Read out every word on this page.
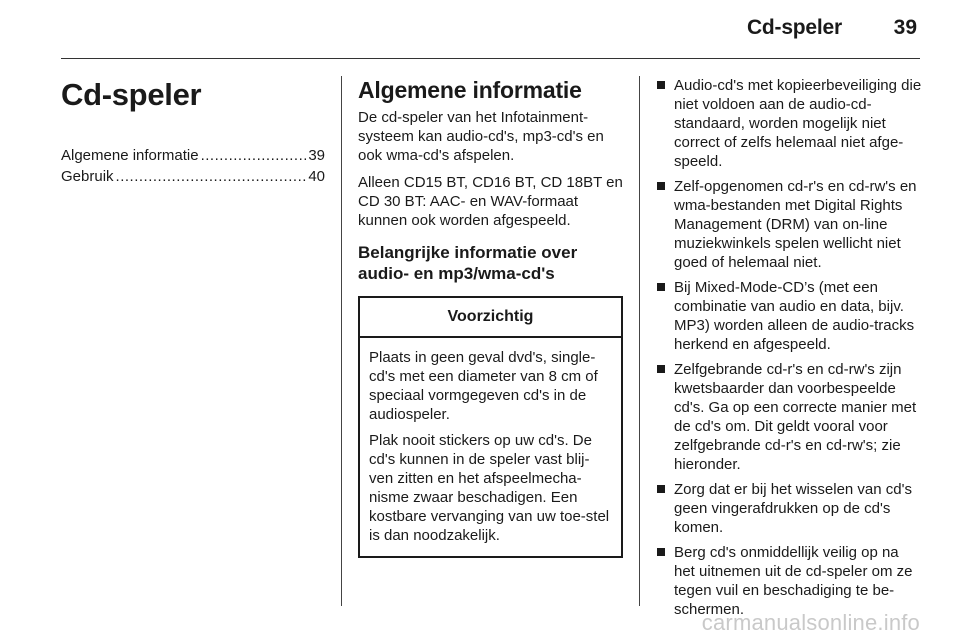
Cd-speler 39
Cd-speler
Algemene informatie .....	39
Gebruik .....	40
Algemene informatie

De cd-speler van het Infotainment-systeem kan audio-cd's, mp3-cd's en ook wma-cd's afspelen.

Alleen CD15 BT, CD16 BT, CD 18BT en CD 30 BT: AAC- en WAV-formaat kunnen ook worden afgespeeld.

Belangrijke informatie over audio- en mp3/wma-cd's
Voorzichtig

Plaats in geen geval dvd's, single-cd's met een diameter van 8 cm of speciaal vormgegeven cd's in de audiospeler.

Plak nooit stickers op uw cd's. De cd's kunnen in de speler vast blij-ven zitten en het afspeelmecha-nisme zwaar beschadigen. Een kostbare vervanging van uw toe-stel is dan noodzakelijk.

Audio-cd's met kopieerbeveiliging die niet voldoen aan de audio-cd-standaard, worden mogelijk niet correct of zelfs helemaal niet afge-speeld.
Zelf-opgenomen cd-r's en cd-rw's en wma-bestanden met Digital Rights Management (DRM) van on-line muziekwinkels spelen wellicht niet goed of helemaal niet.
Bij Mixed-Mode-CD’s (met een combinatie van audio en data, bijv. MP3) worden alleen de audio-tracks herkend en afgespeeld.
Zelfgebrande cd-r's en cd-rw's zijn kwetsbaarder dan voorbespeelde cd's. Ga op een correcte manier met de cd's om. Dit geldt vooral voor zelfgebrande cd-r's en cd-rw's; zie hieronder.
Zorg dat er bij het wisselen van cd's geen vingerafdrukken op de cd's komen.
Berg cd's onmiddellijk veilig op na het uitnemen uit de cd-speler om ze tegen vuil en beschadiging te be-schermen.
carmanualsonline.info
